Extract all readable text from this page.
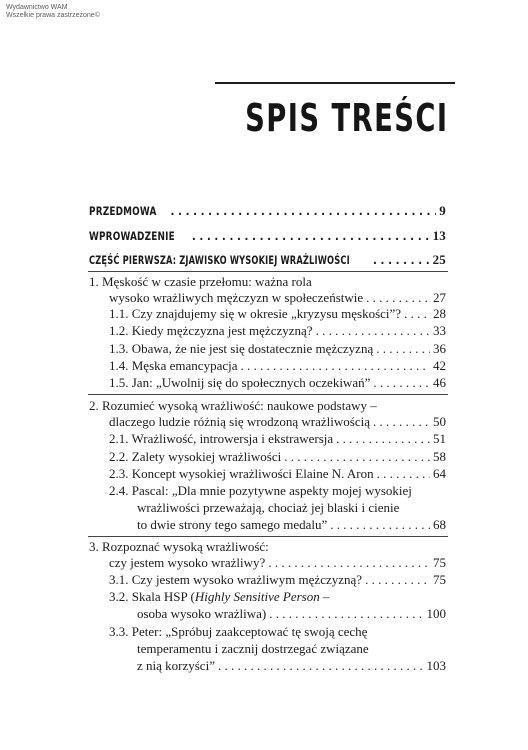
Wydawnictwo WAM
Wszelkie prawa zastrzeżone©
SPIS TREŚCI
PRZEDMOWA . . .	9
WPROWADZENIE . . .	13
CZĘŚĆ PIERWSZA: ZJAWISKO WYSOKIEJ WRAŻLIWOŚCI . . .	25
1. Męskość w czasie przełomu: ważna rola
wysoko wrażliwych mężczyzn w społeczeństwie . . .	27
1.1. Czy znajdujemy się w okresie „kryzysu męskości”? . . . 28
1.2. Kiedy mężczyzna jest mężczyzną? . . .	33
1.3. Obawa, że nie jest się dostatecznie mężczyzną . . .	36
1.4. Męska emancypacja . . .	42
1.5. Jan: „Uwolnij się do społecznych oczekiwań” . . .	46
2. Rozumieć wysoką wrażliwość: naukowe podstawy –
dlaczego ludzie różnią się wrodzoną wrażliwością . . .	50
2.1. Wrażliwość, introwersja i ekstrawersja . . .	51
2.2. Zalety wysokiej wrażliwości . . .	58
2.3. Koncept wysokiej wrażliwości Elaine N. Aron . . .	64
2.4. Pascal: „Dla mnie pozytywne aspekty mojej wysokiej
wrażliwości przeważają, chociaż jej blaski i cienie
to dwie strony tego samego medalu” . . .	68
3. Rozpoznać wysoką wrażliwość:
czy jestem wysoko wrażliwy? . . .	75
3.1. Czy jestem wysoko wrażliwym mężczyzną? . . .	75
3.2. Skala HSP (Highly Sensitive Person –
osoba wysoko wrażliwa) . . .	100
3.3. Peter: „Spróbuj zaakceptować tę swoją cechę
temperamentu i zacznij dostrzegać związane
z nią korzyści” . . .	103
